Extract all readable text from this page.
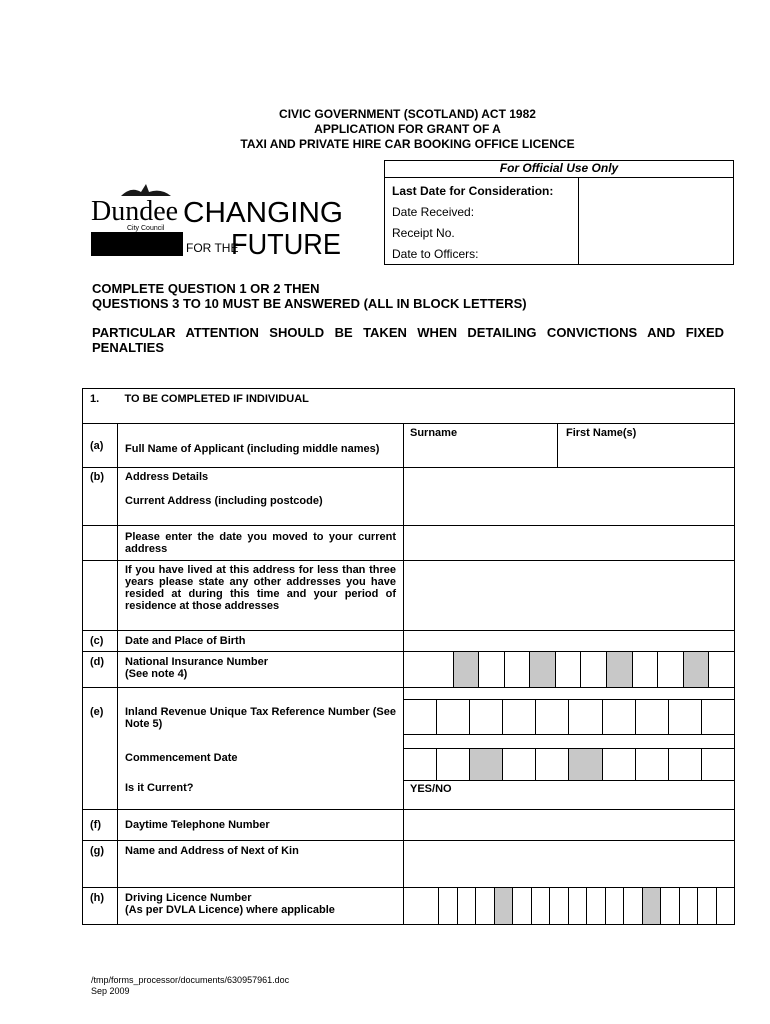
CIVIC GOVERNMENT (SCOTLAND) ACT 1982
APPLICATION FOR GRANT OF A
TAXI AND PRIVATE HIRE CAR BOOKING OFFICE LICENCE
Dundee
City Council CHANGING
FOR THE
FUTURE
For Official Use Only
Last Date for Consideration:
Date Received:
Receipt No.
Date to Officers:
COMPLETE QUESTION 1 OR 2 THEN
QUESTIONS 3 TO 10 MUST BE ANSWERED (ALL IN BLOCK LETTERS)
PARTICULAR ATTENTION SHOULD BE TAKEN WHEN DETAILING CONVICTIONS AND FIXED PENALTIES
1.	TO BE COMPLETED IF INDIVIDUAL		
(a)	Full Name of Applicant (including middle names)	Surname	First Name(s)
(b)	Address Details
Current Address (including postcode)		

	Please enter the date you moved to your current address		
	If you have lived at this address for less than three years please state any other addresses you have resided at during this time and your period of residence at those addresses		
(c)	Date and Place of Birth		
(d)	National Insurance Number
(See note 4)		

(e)	Inland Revenue Unique Tax Reference Number (See Note 5)
Commencement Date
Is it Current?	YES/NO	

(f)	Daytime Telephone Number		
(g)	Name and Address of Next of Kin		
(h)	Driving Licence Number
(As per DVLA Licence) where applicable		

/tmp/forms_processor/documents/630957961.doc
Sep 2009
